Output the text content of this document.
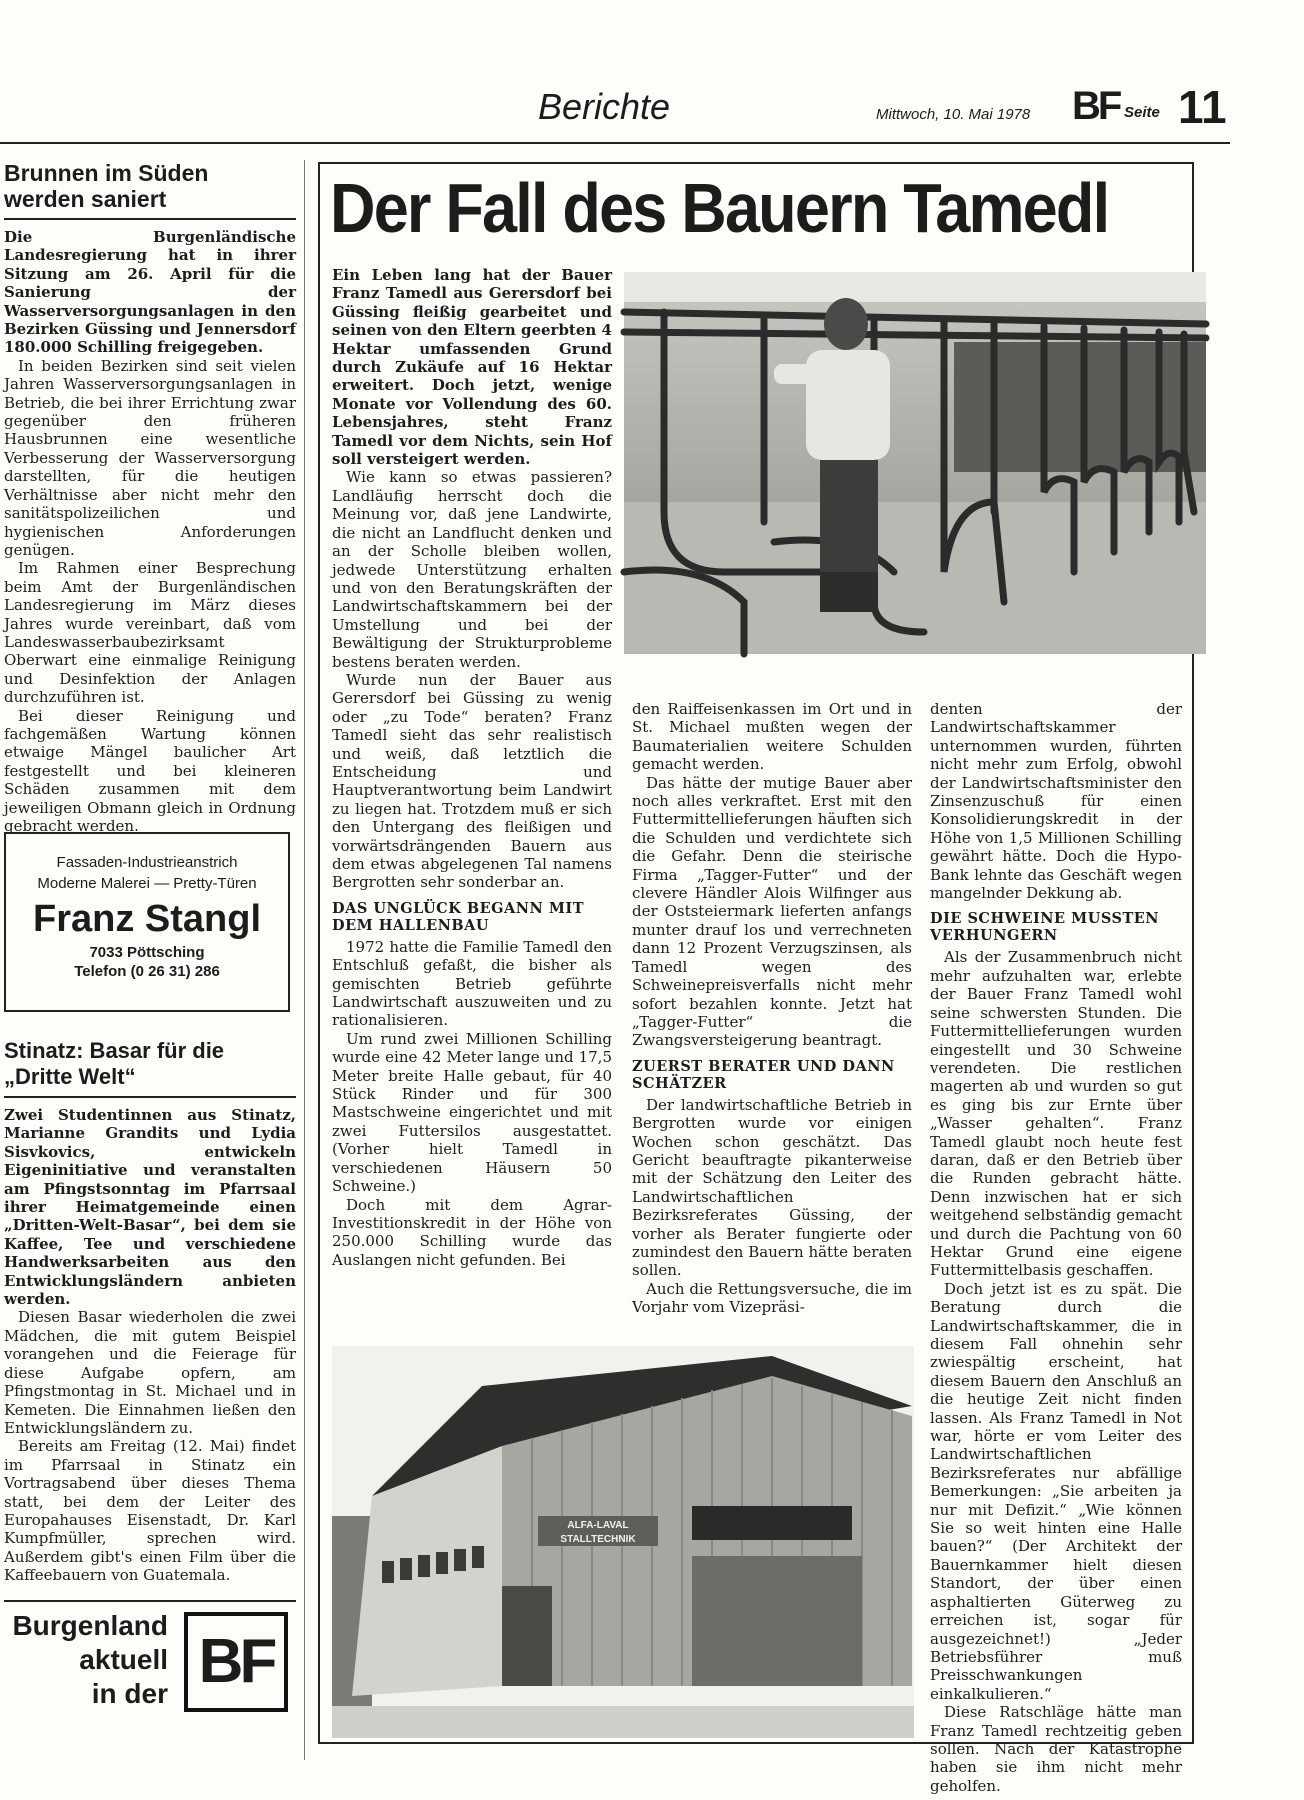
Berichte	Mittwoch, 10. Mai 1978 BF Seite 11
Brunnen im Süden
werden saniert

Die Burgenländische Landesregierung hat in ihrer Sitzung am 26. April für die Sanierung der Wasserversorgungsanlagen in den Bezirken Güssing und Jennersdorf 180.000 Schilling freigegeben.

In beiden Bezirken sind seit vielen Jahren Wasserversorgungsanlagen in Betrieb, die bei ihrer Errichtung zwar gegenüber den früheren Hausbrunnen eine wesentliche Verbesserung der Wasserversorgung darstellten, für die heutigen Verhältnisse aber nicht mehr den sanitätspolizeilichen und hygienischen Anforderungen genügen.

Im Rahmen einer Besprechung beim Amt der Burgenländischen Landesregierung im März dieses Jahres wurde vereinbart, daß vom Landeswasserbaubezirksamt Oberwart eine einmalige Reinigung und Desinfektion der Anlagen durchzuführen ist.

Bei dieser Reinigung und fachgemäßen Wartung können etwaige Mängel baulicher Art festgestellt und bei kleineren Schäden zusammen mit dem jeweiligen Obmann gleich in Ordnung gebracht werden.

Fassaden-Industrieanstrich
Moderne Malerei — Pretty-Türen
Franz Stangl
7033 Pöttsching
Telefon (0 26 31) 286
Stinatz: Basar für die
„Dritte Welt“

Zwei Studentinnen aus Stinatz, Marianne Grandits und Lydia Sisvkovics, entwickeln Eigeninitiative und veranstalten am Pfingstsonntag im Pfarrsaal ihrer Heimatgemeinde einen „Dritten-Welt-Basar“, bei dem sie Kaffee, Tee und verschiedene Handwerksarbeiten aus den Entwicklungsländern anbieten werden.

Diesen Basar wiederholen die zwei Mädchen, die mit gutem Beispiel vorangehen und die Feierage für diese Aufgabe opfern, am Pfingstmontag in St. Michael und in Kemeten. Die Einnahmen ließen den Entwicklungsländern zu.

Bereits am Freitag (12. Mai) findet im Pfarrsaal in Stinatz ein Vortragsabend über dieses Thema statt, bei dem der Leiter des Europahauses Eisenstadt, Dr. Karl Kumpfmüller, sprechen wird. Außerdem gibt's einen Film über die Kaffeebauern von Guatemala.

Burgenland
aktuell
in der BF
Der Fall des Bauern Tamedl

Ein Leben lang hat der Bauer Franz Tamedl aus Gerersdorf bei Güssing fleißig gearbeitet und seinen von den Eltern geerbten 4 Hektar umfassenden Grund durch Zukäufe auf 16 Hektar erweitert. Doch jetzt, wenige Monate vor Vollendung des 60. Lebensjahres, steht Franz Tamedl vor dem Nichts, sein Hof soll versteigert werden.

Wie kann so etwas passieren? Landläufig herrscht doch die Meinung vor, daß jene Landwirte, die nicht an Landflucht denken und an der Scholle bleiben wollen, jedwede Unterstützung erhalten und von den Beratungskräften der Landwirtschaftskammern bei der Umstellung und bei der Bewältigung der Strukturprobleme bestens beraten werden.

Wurde nun der Bauer aus Gerersdorf bei Güssing zu wenig oder „zu Tode“ beraten? Franz Tamedl sieht das sehr realistisch und weiß, daß letztlich die Entscheidung und Hauptverantwortung beim Landwirt zu liegen hat. Trotzdem muß er sich den Untergang des fleißigen und vorwärtsdrängenden Bauern aus dem etwas abgelegenen Tal namens Bergrotten sehr sonderbar an.

DAS UNGLÜCK BEGANN MIT DEM HALLENBAU

1972 hatte die Familie Tamedl den Entschluß gefaßt, die bisher als gemischten Betrieb geführte Landwirtschaft auszuweiten und zu rationalisieren.

Um rund zwei Millionen Schilling wurde eine 42 Meter lange und 17,5 Meter breite Halle gebaut, für 40 Stück Rinder und für 300 Mastschweine eingerichtet und mit zwei Futtersilos ausgestattet. (Vorher hielt Tamedl in verschiedenen Häusern 50 Schweine.)

Doch mit dem Agrar-Investitionskredit in der Höhe von 250.000 Schilling wurde das Auslangen nicht gefunden. Bei

den Raiffeisenkassen im Ort und in St. Michael mußten wegen der Baumaterialien weitere Schulden gemacht werden.

Das hätte der mutige Bauer aber noch alles verkraftet. Erst mit den Futtermittellieferungen häuften sich die Schulden und verdichtete sich die Gefahr. Denn die steirische Firma „Tagger-Futter“ und der clevere Händler Alois Wilfinger aus der Oststeiermark lieferten anfangs munter drauf los und verrechneten dann 12 Prozent Verzugszinsen, als Tamedl wegen des Schweinepreisverfalls nicht mehr sofort bezahlen konnte. Jetzt hat „Tagger-Futter“ die Zwangsversteigerung beantragt.

ZUERST BERATER UND DANN SCHÄTZER

Der landwirtschaftliche Betrieb in Bergrotten wurde vor einigen Wochen schon geschätzt. Das Gericht beauftragte pikanterweise mit der Schätzung den Leiter des Landwirtschaftlichen Bezirksreferates Güssing, der vorher als Berater fungierte oder zumindest den Bauern hätte beraten sollen.

Auch die Rettungsversuche, die im Vorjahr vom Vizepräsi-

denten der Landwirtschaftskammer unternommen wurden, führten nicht mehr zum Erfolg, obwohl der Landwirtschaftsminister den Zinsenzuschuß für einen Konsolidierungskredit in der Höhe von 1,5 Millionen Schilling gewährt hätte. Doch die Hypo-Bank lehnte das Geschäft wegen mangelnder Dekkung ab.

DIE SCHWEINE MUSSTEN VERHUNGERN

Als der Zusammenbruch nicht mehr aufzuhalten war, erlebte der Bauer Franz Tamedl wohl seine schwersten Stunden. Die Futtermittellieferungen wurden eingestellt und 30 Schweine verendeten. Die restlichen magerten ab und wurden so gut es ging bis zur Ernte über „Wasser gehalten“. Franz Tamedl glaubt noch heute fest daran, daß er den Betrieb über die Runden gebracht hätte. Denn inzwischen hat er sich weitgehend selbständig gemacht und durch die Pachtung von 60 Hektar Grund eine eigene Futtermittelbasis geschaffen.

Doch jetzt ist es zu spät. Die Beratung durch die Landwirtschaftskammer, die in diesem Fall ohnehin sehr zwiespältig erscheint, hat diesem Bauern den Anschluß an die heutige Zeit nicht finden lassen. Als Franz Tamedl in Not war, hörte er vom Leiter des Landwirtschaftlichen Bezirksreferates nur abfällige Bemerkungen: „Sie arbeiten ja nur mit Defizit.“ „Wie können Sie so weit hinten eine Halle bauen?“ (Der Architekt der Bauernkammer hielt diesen Standort, der über einen asphaltierten Güterweg zu erreichen ist, sogar für ausgezeichnet!) „Jeder Betriebsführer muß Preisschwankungen einkalkulieren.“

Diese Ratschläge hätte man Franz Tamedl rechtzeitig geben sollen. Nach der Katastrophe haben sie ihm nicht mehr geholfen.

ALFA-LAVAL
STALLTECHNIK
